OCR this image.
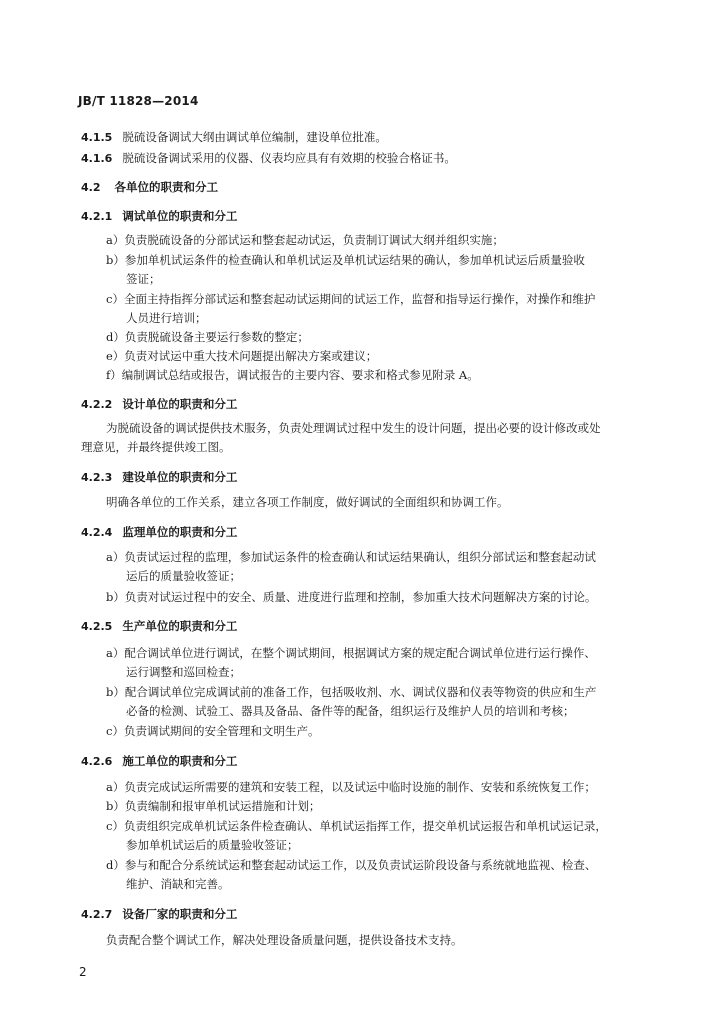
JB/T 11828—2014
4.1.5 脱硫设备调试大纲由调试单位编制，建设单位批准。
4.1.6 脱硫设备调试采用的仪器、仪表均应具有有效期的校验合格证书。
4.2 各单位的职责和分工
4.2.1 调试单位的职责和分工
a）负责脱硫设备的分部试运和整套起动试运，负责制订调试大纲并组织实施；
b）参加单机试运条件的检查确认和单机试运及单机试运结果的确认，参加单机试运后质量验收
签证；
c）全面主持指挥分部试运和整套起动试运期间的试运工作，监督和指导运行操作，对操作和维护
人员进行培训；
d）负责脱硫设备主要运行参数的整定；
e）负责对试运中重大技术问题提出解决方案或建议；
f）编制调试总结或报告，调试报告的主要内容、要求和格式参见附录 A。
4.2.2 设计单位的职责和分工
为脱硫设备的调试提供技术服务，负责处理调试过程中发生的设计问题，提出必要的设计修改或处
理意见，并最终提供竣工图。
4.2.3 建设单位的职责和分工
明确各单位的工作关系，建立各项工作制度，做好调试的全面组织和协调工作。
4.2.4 监理单位的职责和分工
a）负责试运过程的监理，参加试运条件的检查确认和试运结果确认，组织分部试运和整套起动试
运后的质量验收签证；
b）负责对试运过程中的安全、质量、进度进行监理和控制，参加重大技术问题解决方案的讨论。
4.2.5 生产单位的职责和分工
a）配合调试单位进行调试，在整个调试期间，根据调试方案的规定配合调试单位进行运行操作、
运行调整和巡回检查；
b）配合调试单位完成调试前的准备工作，包括吸收剂、水、调试仪器和仪表等物资的供应和生产
必备的检测、试验工、器具及备品、备件等的配备，组织运行及维护人员的培训和考核；
c）负责调试期间的安全管理和文明生产。
4.2.6 施工单位的职责和分工
a）负责完成试运所需要的建筑和安装工程，以及试运中临时设施的制作、安装和系统恢复工作；
b）负责编制和报审单机试运措施和计划；
c）负责组织完成单机试运条件检查确认、单机试运指挥工作，提交单机试运报告和单机试运记录，
参加单机试运后的质量验收签证；
d）参与和配合分系统试运和整套起动试运工作，以及负责试运阶段设备与系统就地监视、检查、
维护、消缺和完善。
4.2.7 设备厂家的职责和分工
负责配合整个调试工作，解决处理设备质量问题，提供设备技术支持。
2
